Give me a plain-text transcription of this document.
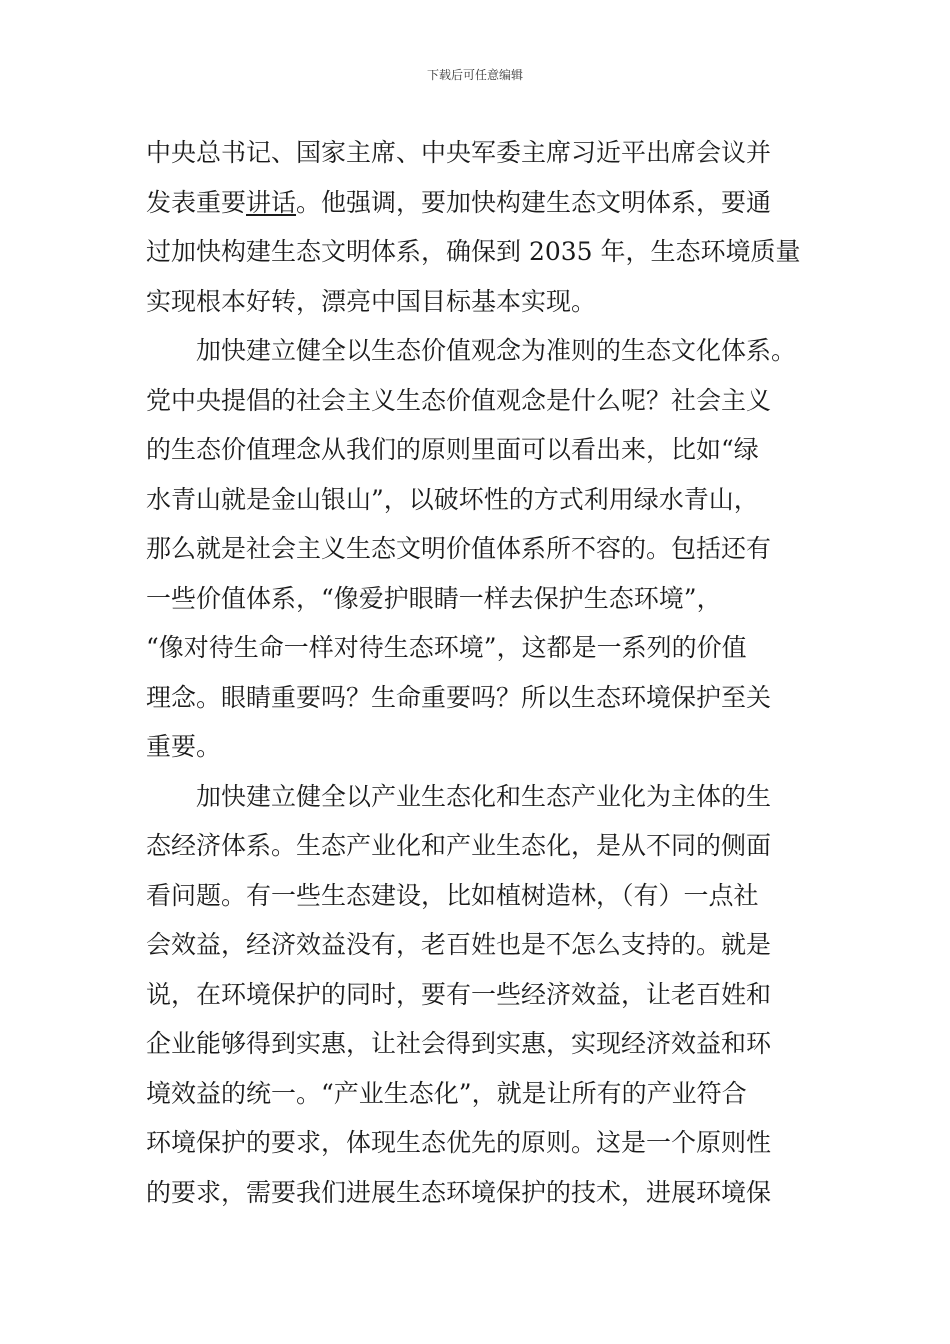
下载后可任意编辑
中央总书记、国家主席、中央军委主席习近平出席会议并
发表重要讲话。他强调，要加快构建生态文明体系，要通
过加快构建生态文明体系，确保到 2035 年，生态环境质量
实现根本好转，漂亮中国目标基本实现。
加快建立健全以生态价值观念为准则的生态文化体系。
党中央提倡的社会主义生态价值观念是什么呢？社会主义
的生态价值理念从我们的原则里面可以看出来，比如“绿
水青山就是金山银山”，以破坏性的方式利用绿水青山，
那么就是社会主义生态文明价值体系所不容的。包括还有
一些价值体系，“像爱护眼睛一样去保护生态环境”，
“像对待生命一样对待生态环境”，这都是一系列的价值
理念。眼睛重要吗？生命重要吗？所以生态环境保护至关
重要。
加快建立健全以产业生态化和生态产业化为主体的生
态经济体系。生态产业化和产业生态化，是从不同的侧面
看问题。有一些生态建设，比如植树造林，（有）一点社
会效益，经济效益没有，老百姓也是不怎么支持的。就是
说，在环境保护的同时，要有一些经济效益，让老百姓和
企业能够得到实惠，让社会得到实惠，实现经济效益和环
境效益的统一。“产业生态化”，就是让所有的产业符合
环境保护的要求，体现生态优先的原则。这是一个原则性
的要求，需要我们进展生态环境保护的技术，进展环境保
